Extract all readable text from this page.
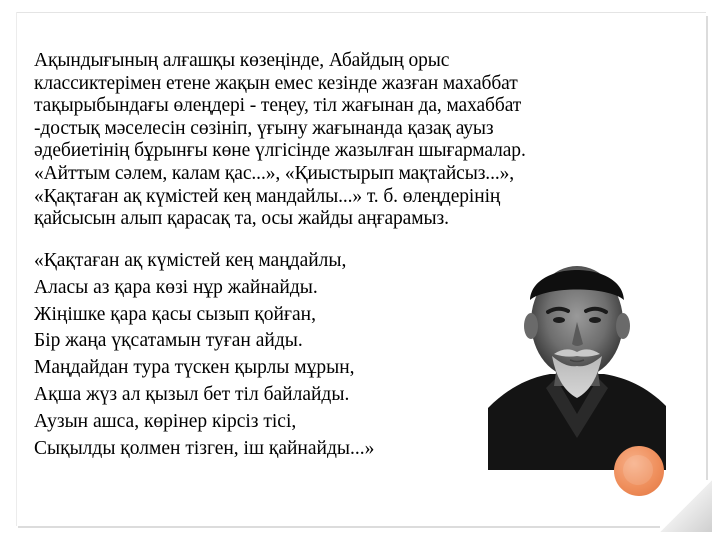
Ақындығының алғашқы көзеңінде, Абайдың орыс
классиктерімен етене жақын емес кезінде жазған махаббат
тақырыбындағы өлеңдері - теңеу, тіл жағынан да, махаббат
-достық мәселесін сөзініп, үғыну жағынанда қазақ ауыз
әдебиетінің бұрынғы көне үлгісінде жазылған шығармалар.
«Айттым сәлем, калам қас...», «Қиыстырып мақтайсыз...»,
«Қақтаған ақ күмістей кең мандайлы...» т. б. өлеңдерінің
қайсысын алып қарасақ та, осы жайды аңғарамыз.
«Қақтаған ақ күмістей кең маңдайлы,
Аласы аз қара көзі нұр жайнайды.
Жіңішке қара қасы сызып қойған,
Бір жаңа үқсатамын туған айды.
Маңдайдан тура түскен қырлы мұрын,
Ақша жүз ал қызыл бет тіл байлайды.
Аузын ашса, көрінер кірсіз тісі,
Сықылды қолмен тізген, іш қайнайды...»
